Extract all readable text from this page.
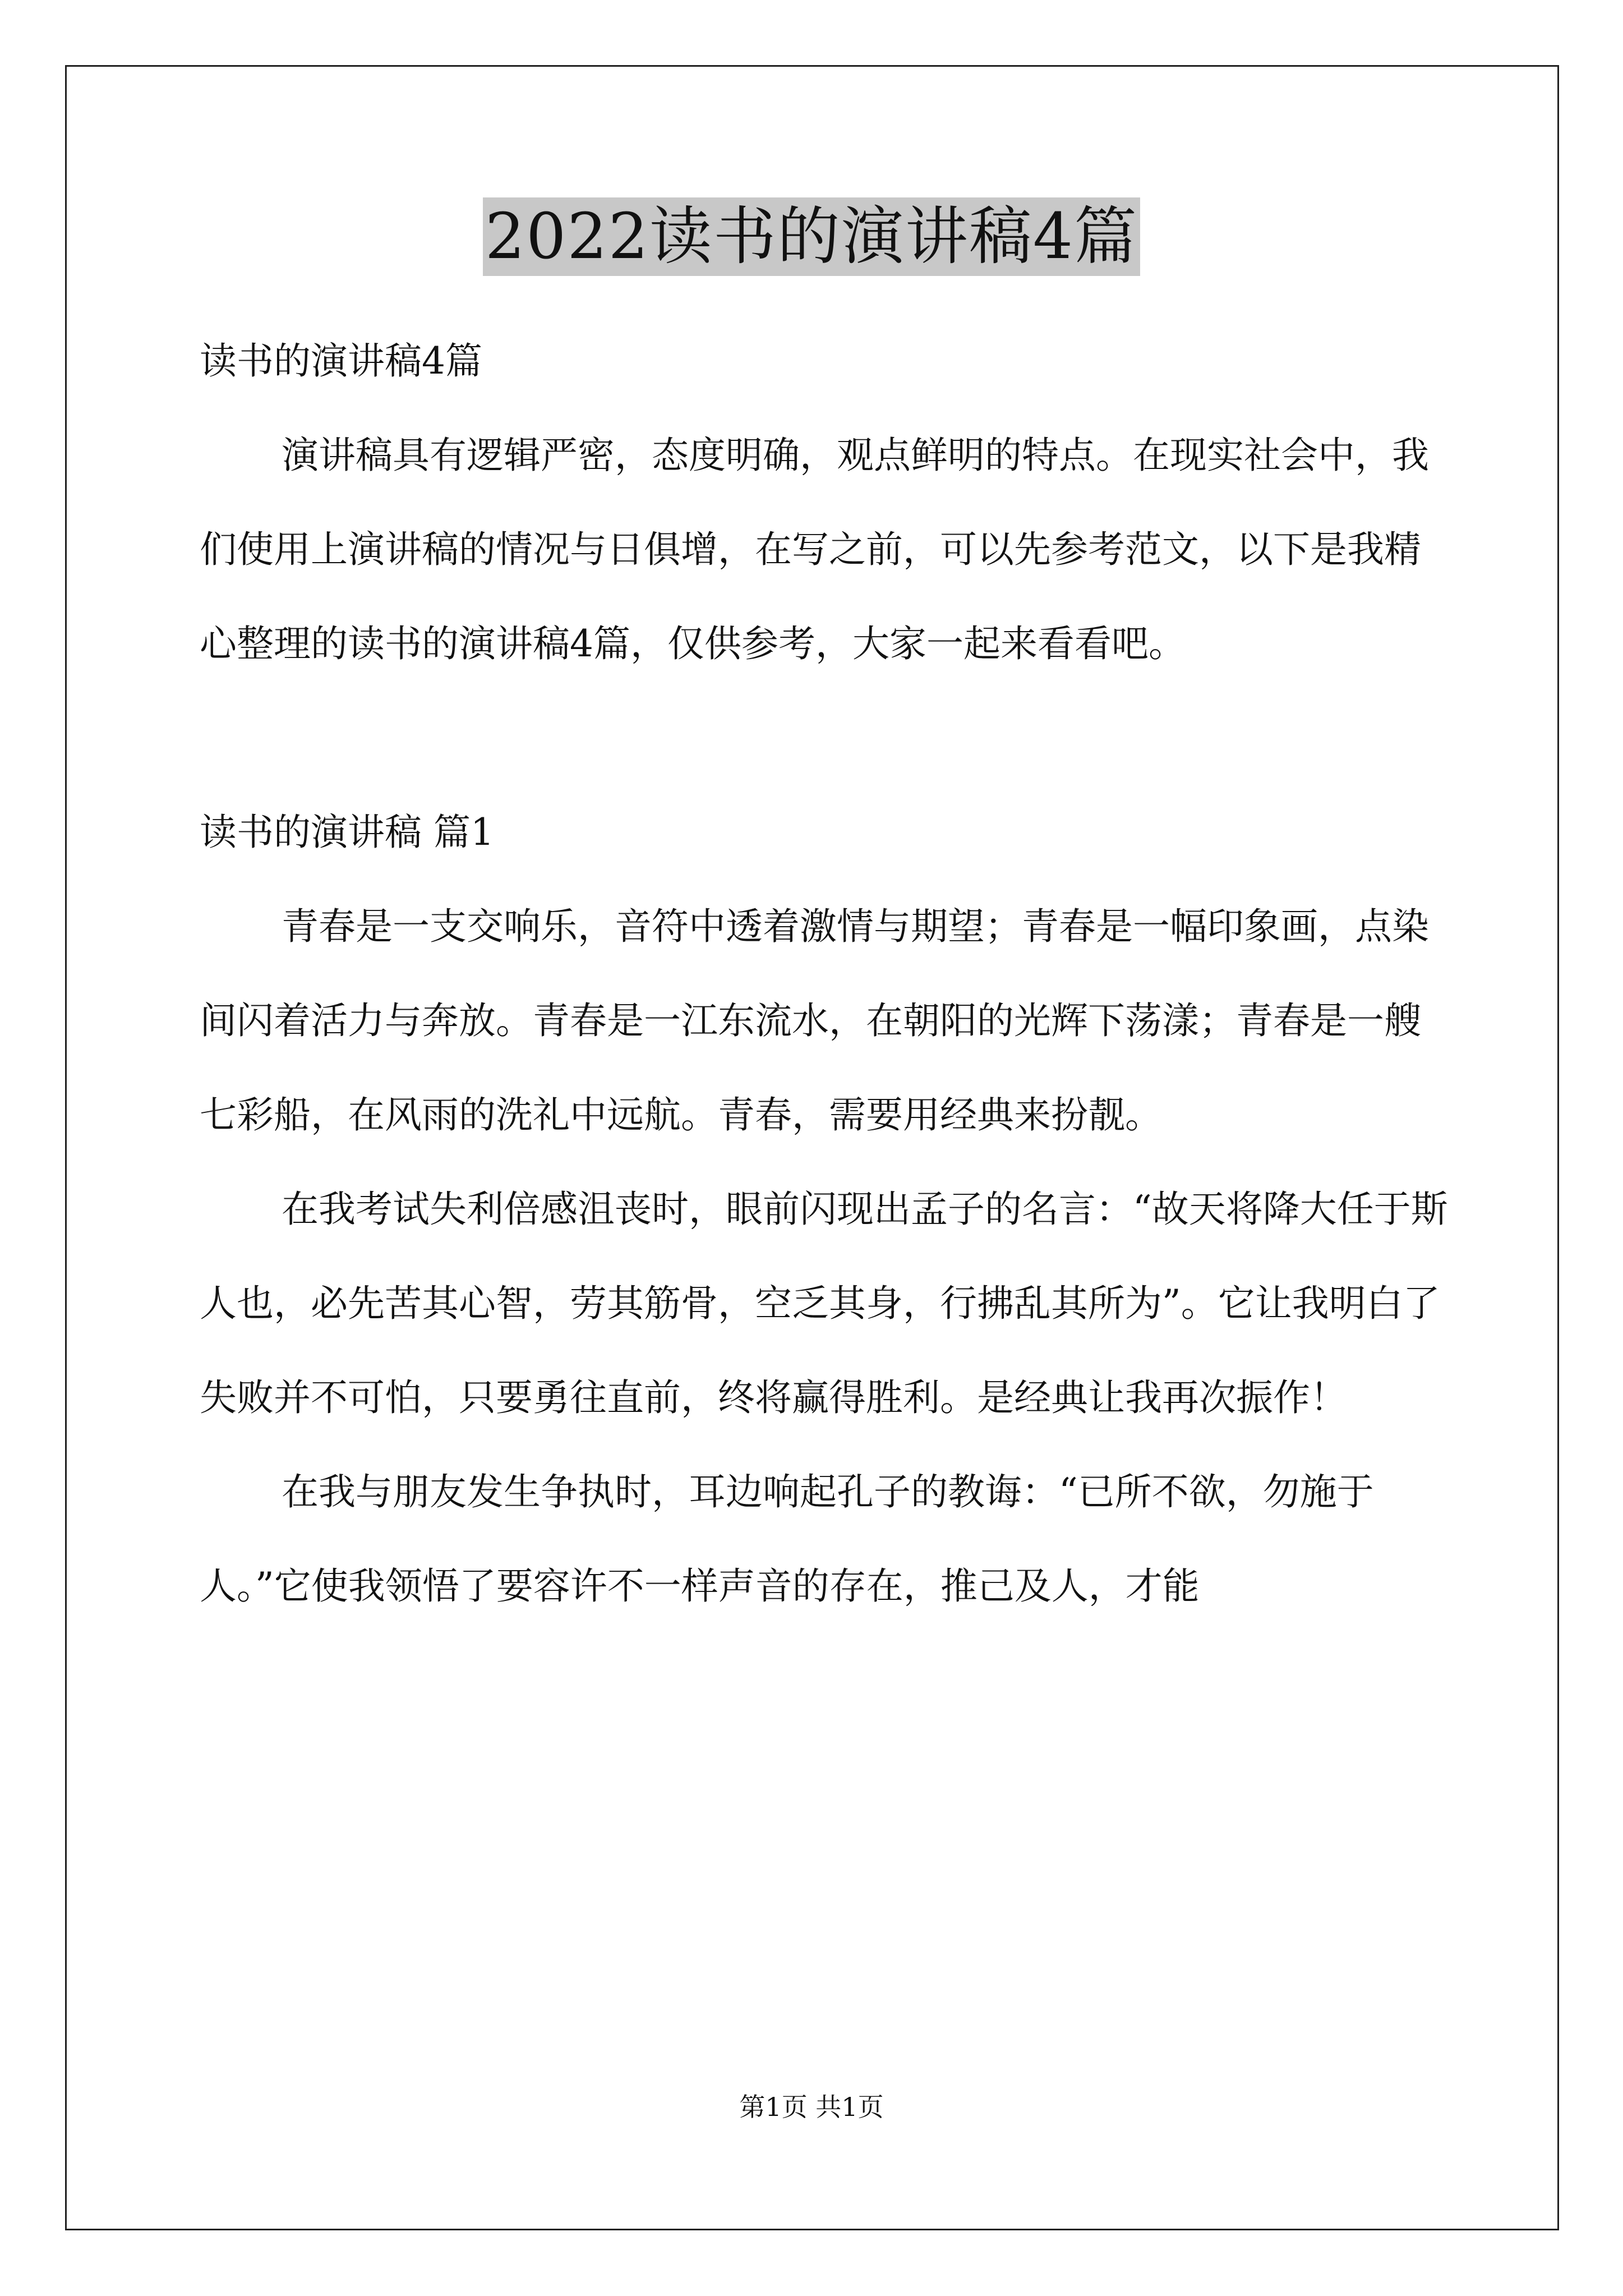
2022读书的演讲稿4篇

读书的演讲稿4篇

演讲稿具有逻辑严密，态度明确，观点鲜明的特点。在现实社会中，我们使用上演讲稿的情况与日俱增，在写之前，可以先参考范文，以下是我精心整理的读书的演讲稿4篇，仅供参考，大家一起来看看吧。

读书的演讲稿 篇1

青春是一支交响乐，音符中透着激情与期望；青春是一幅印象画，点染间闪着活力与奔放。青春是一江东流水，在朝阳的光辉下荡漾；青春是一艘七彩船，在风雨的洗礼中远航。青春，需要用经典来扮靓。

在我考试失利倍感沮丧时，眼前闪现出孟子的名言：“故天将降大任于斯人也，必先苦其心智，劳其筋骨，空乏其身，行拂乱其所为”。它让我明白了失败并不可怕，只要勇往直前，终将赢得胜利。是经典让我再次振作！

在我与朋友发生争执时，耳边响起孔子的教诲：“已所不欲，勿施于人。”它使我领悟了要容许不一样声音的存在，推己及人，才能

第1页 共1页
